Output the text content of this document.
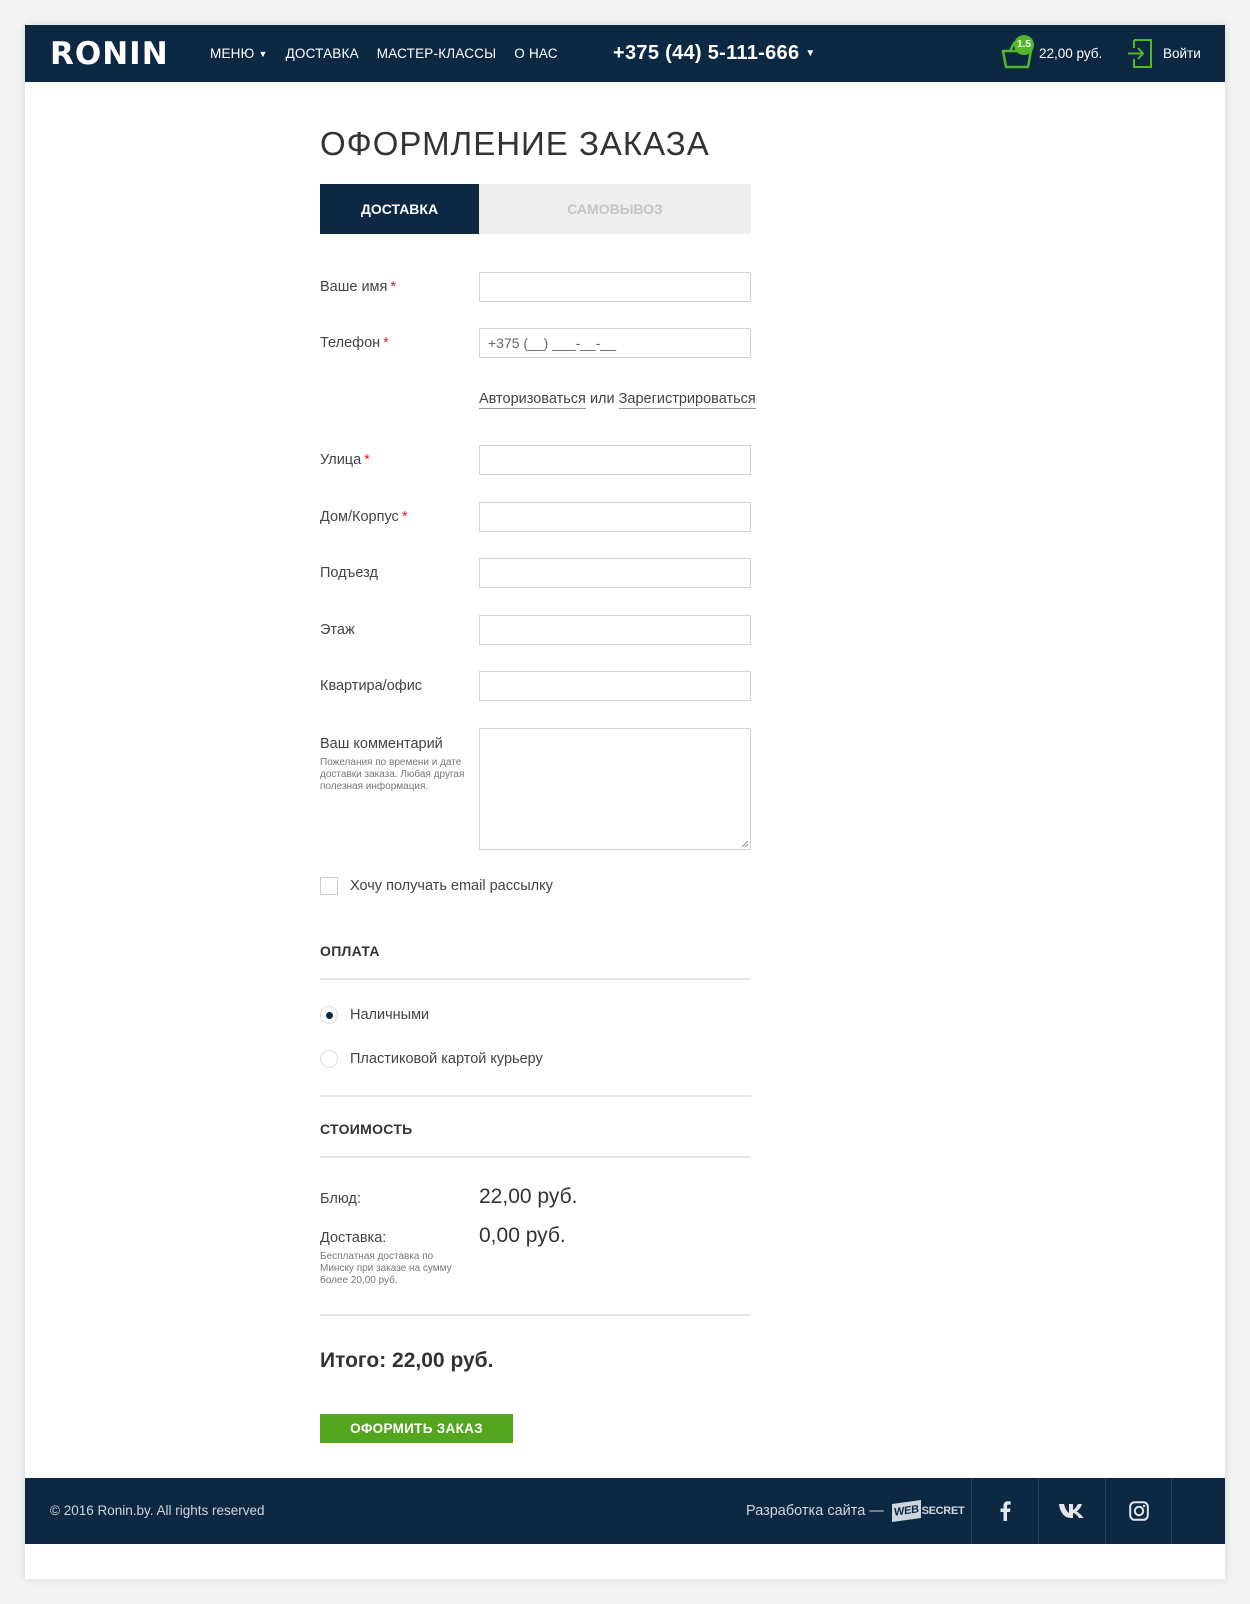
RONIN	МЕНЮ ▼ ДОСТАВКА МАСТЕР-КЛАССЫ О НАС	+375 (44) 5-111-666 ▼
1.5
22,00 руб.	Войти
ОФОРМЛЕНИЕ ЗАКАЗА
ДОСТАВКА	САМОВЫВОЗ
Ваше имя *
Телефон *
+375 (__) ___-__-__
Авторизоваться или Зарегистрироваться
Улица *
Дом/Корпус *
Подъезд
Этаж
Квартира/офис
Ваш комментарий
Пожелания по времени и дате доставки заказа. Любая другая полезная информация.
Хочу получать email рассылку
ОПЛАТА
Наличными
Пластиковой картой курьеру
СТОИМОСТЬ
Блюд:	22,00 руб.
Доставка:	0,00 руб.
Бесплатная доставка по Минску при заказе на сумму более 20,00 руб.
Итого: 22,00 руб.
ОФОРМИТЬ ЗАКАЗ
© 2016 Ronin.by. All rights reserved	Разработка сайта — WEB SECRET
